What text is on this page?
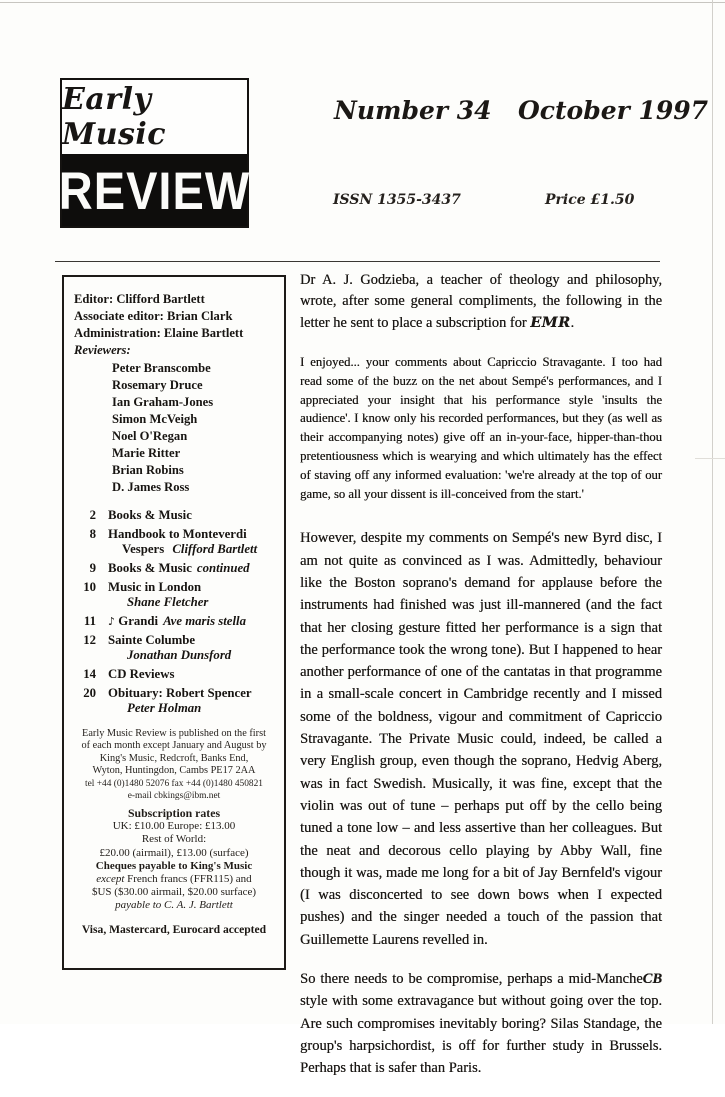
Early Music
REVIEW
Number 34 October 1997
ISSN 1355-3437	Price £1.50
Editor: Clifford Bartlett
Associate editor: Brian Clark
Administration: Elaine Bartlett
Reviewers:
Peter Branscombe
Rosemary Druce
Ian Graham-Jones
Simon McVeigh
Noel O'Regan
Marie Ritter
Brian Robins
D. James Ross
2 Books & Music
8 Handbook to Monteverdi
Vespers Clifford Bartlett
9 Books & Music continued
10 Music in London
Shane Fletcher
11 ♪ Grandi Ave maris stella
12 Sainte Columbe
Jonathan Dunsford
14 CD Reviews
20 Obituary: Robert Spencer
Peter Holman
Early Music Review is published on the first
of each month except January and August by
King's Music, Redcroft, Banks End,
Wyton, Huntingdon, Cambs PE17 2AA
tel +44 (0)1480 52076 fax +44 (0)1480 450821
e-mail cbkings@ibm.net
Subscription rates
UK: £10.00 Europe: £13.00
Rest of World:
£20.00 (airmail), £13.00 (surface)
Cheques payable to King's Music
except French francs (FFR115) and
$US ($30.00 airmail, $20.00 surface)
payable to C. A. J. Bartlett
Visa, Mastercard, Eurocard accepted

Dr A. J. Godzieba, a teacher of theology and philosophy, wrote, after some general compliments, the following in the letter he sent to place a subscription for EMR.

I enjoyed... your comments about Capriccio Stravagante. I too had read some of the buzz on the net about Sempé's performances, and I appreciated your insight that his performance style 'insults the audience'. I know only his recorded performances, but they (as well as their accompanying notes) give off an in-your-face, hipper-than-thou pretentiousness which is wearying and which ultimately has the effect of staving off any informed evaluation: 'we're already at the top of our game, so all your dissent is ill-conceived from the start.'

However, despite my comments on Sempé's new Byrd disc, I am not quite as convinced as I was. Admittedly, behaviour like the Boston soprano's demand for applause before the instruments had finished was just ill-mannered (and the fact that her closing gesture fitted her performance is a sign that the performance took the wrong tone). But I happened to hear another performance of one of the cantatas in that programme in a small-scale concert in Cambridge recently and I missed some of the boldness, vigour and commitment of Capriccio Stravagante. The Private Music could, indeed, be called a very English group, even though the soprano, Hedvig Aberg, was in fact Swedish. Musically, it was fine, except that the violin was out of tune – perhaps put off by the cello being tuned a tone low – and less assertive than her colleagues. But the neat and decorous cello playing by Abby Wall, fine though it was, made me long for a bit of Jay Bernfeld's vigour (I was disconcerted to see down bows when I expected pushes) and the singer needed a touch of the passion that Guillemette Laurens revelled in.

CB
So there needs to be compromise, perhaps a mid-Manche style with some extravagance but without going over the top. Are such compromises inevitably boring? Silas Standage, the group's harpsichordist, is off for further study in Brussels. Perhaps that is safer than Paris.
